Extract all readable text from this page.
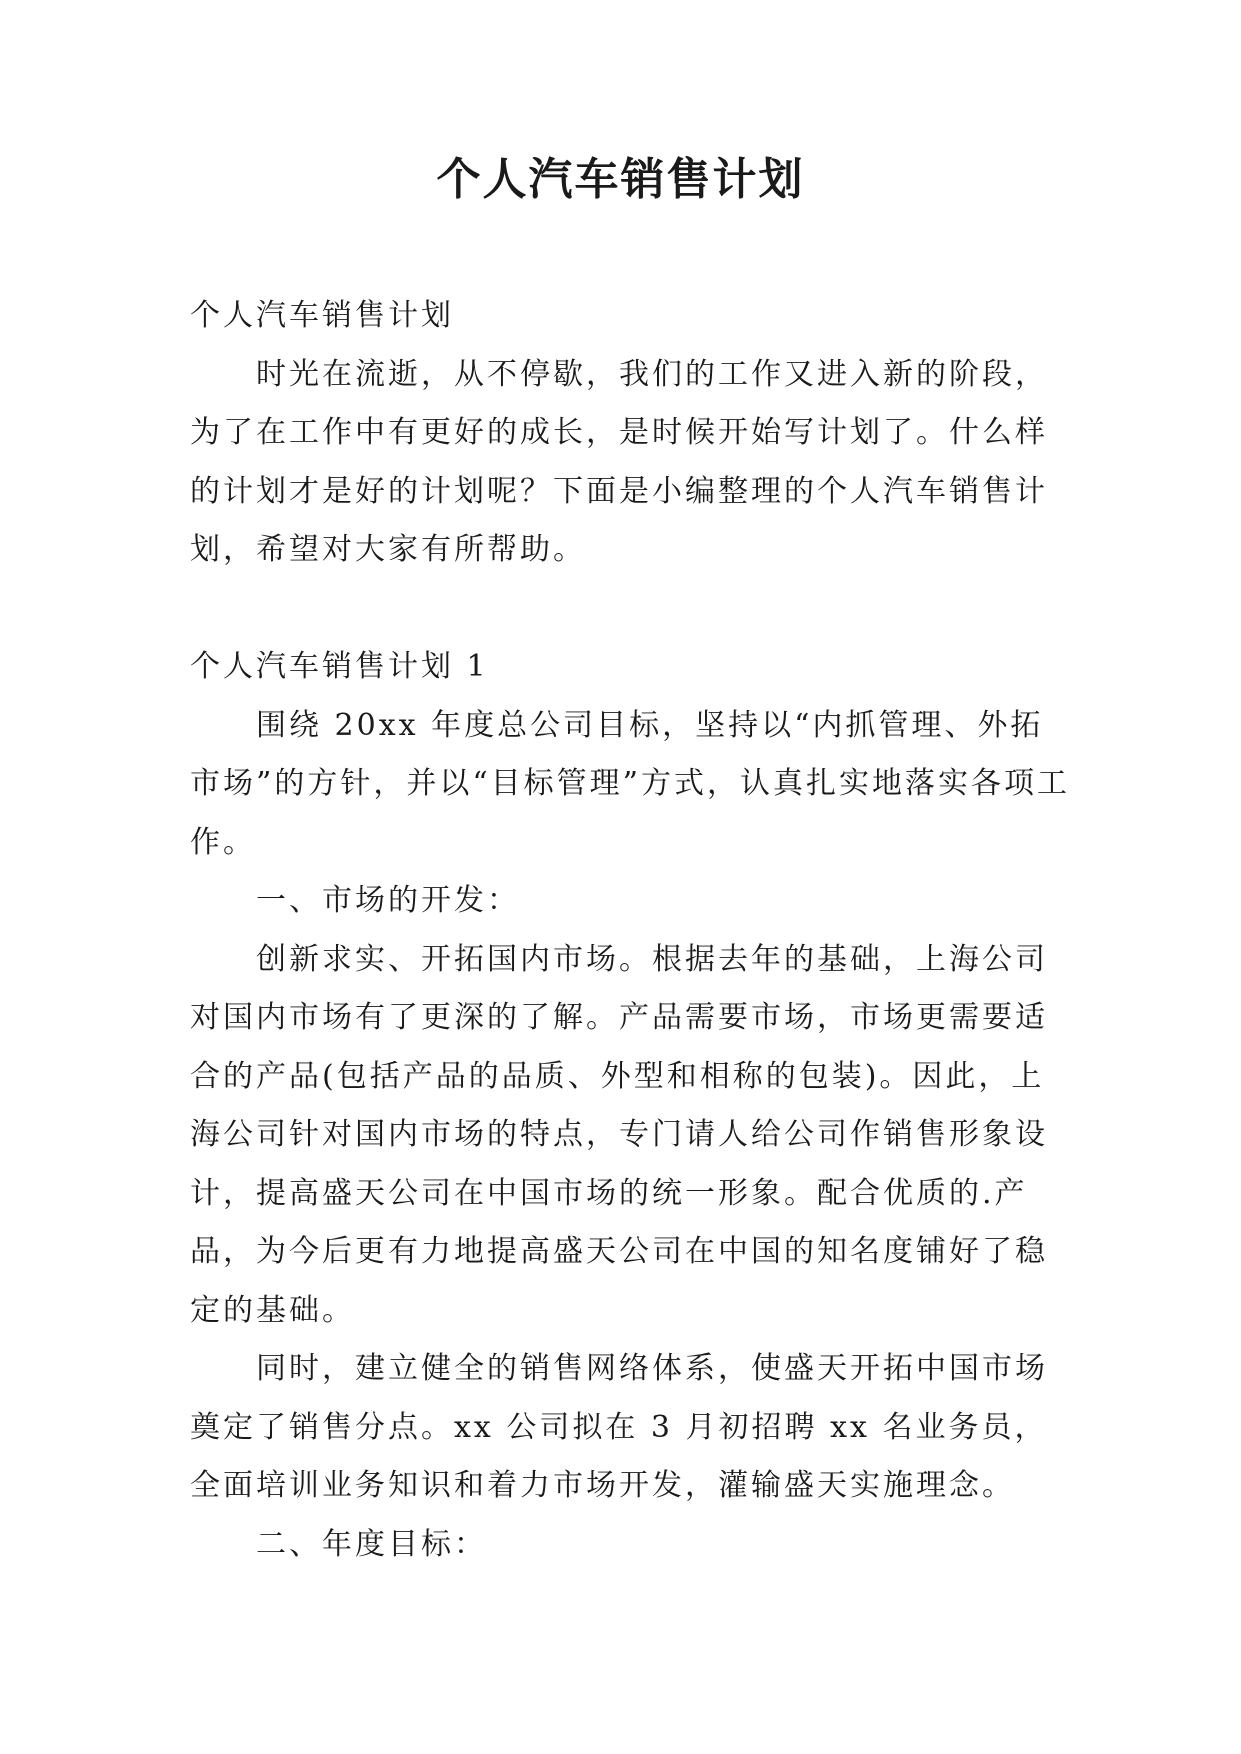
个人汽车销售计划

个人汽车销售计划

时光在流逝，从不停歇，我们的工作又进入新的阶段，为了在工作中有更好的成长，是时候开始写计划了。什么样的计划才是好的计划呢？下面是小编整理的个人汽车销售计划，希望对大家有所帮助。

个人汽车销售计划 1

围绕 20xx 年度总公司目标，坚持以“内抓管理、外拓市场”的方针，并以“目标管理”方式，认真扎实地落实各项工作。

一、市场的开发：

创新求实、开拓国内市场。根据去年的基础，上海公司对国内市场有了更深的了解。产品需要市场，市场更需要适合的产品(包括产品的品质、外型和相称的包装)。因此，上海公司针对国内市场的特点，专门请人给公司作销售形象设计，提高盛天公司在中国市场的统一形象。配合优质的.产品，为今后更有力地提高盛天公司在中国的知名度铺好了稳定的基础。

同时，建立健全的销售网络体系，使盛天开拓中国市场奠定了销售分点。xx 公司拟在 3 月初招聘 xx 名业务员，全面培训业务知识和着力市场开发，灌输盛天实施理念。

二、年度目标：
